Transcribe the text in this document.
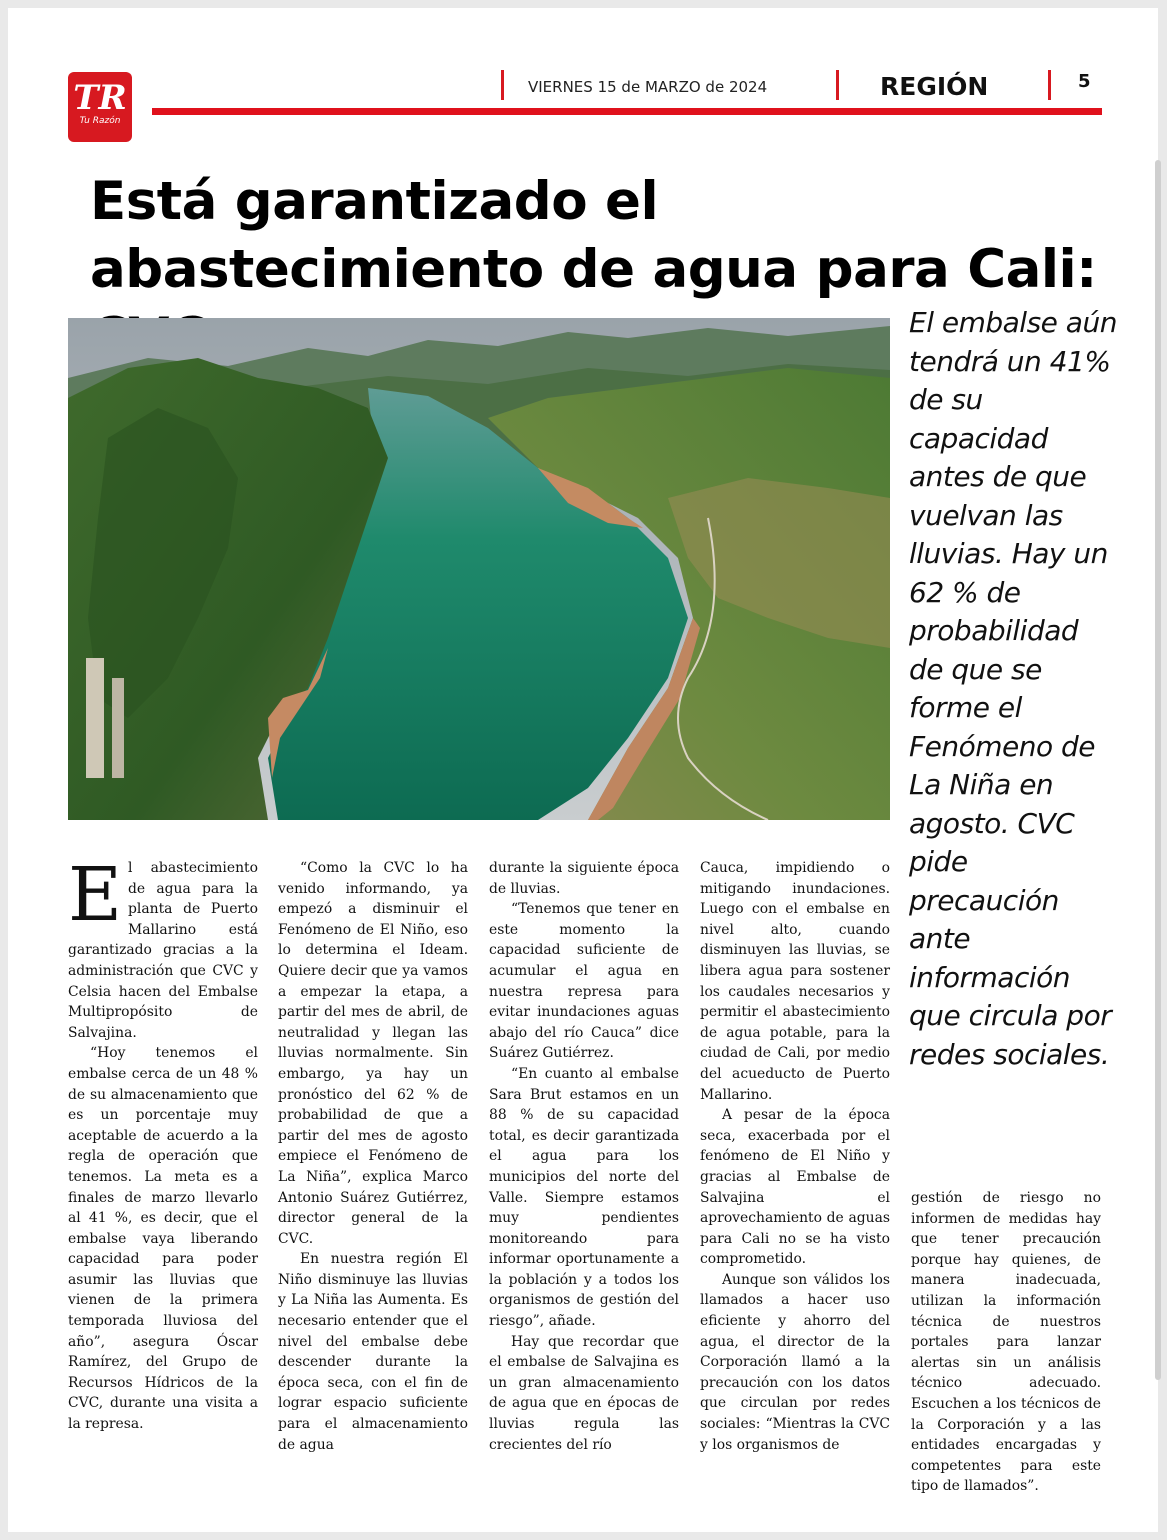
TR
Tu Razón
VIERNES 15 de MARZO de 2024	REGIÓN	5
Está garantizado el abastecimiento de agua para Cali:

El embalse aún tendrá un 41% de su capacidad antes de que vuelvan las lluvias. Hay un 62 % de probabilidad de que se forme el Fenómeno de La Niña en agosto. CVC pide precaución ante información que circula por redes sociales.

El abastecimiento de agua para la planta de Puerto Mallarino está garantizado gracias a la administración que CVC y Celsia hacen del Embalse Multipropósito de Salvajina.

“Hoy tenemos el embalse cerca de un 48 % de su almacenamiento que es un porcentaje muy aceptable de acuerdo a la regla de operación que tenemos. La meta es a finales de marzo llevarlo al 41 %, es decir, que el embalse vaya liberando capacidad para poder asumir las lluvias que vienen de la primera temporada lluviosa del año”, asegura Óscar Ramírez, del Grupo de Recursos Hídricos de la CVC, durante una visita a la represa.

“Como la CVC lo ha venido informando, ya empezó a disminuir el Fenómeno de El Niño, eso lo determina el Ideam. Quiere decir que ya vamos a empezar la etapa, a partir del mes de abril, de neutralidad y llegan las lluvias normalmente. Sin embargo, ya hay un pronóstico del 62 % de probabilidad de que a partir del mes de agosto empiece el Fenómeno de La Niña”, explica Marco Antonio Suárez Gutiérrez, director general de la CVC.

En nuestra región El Niño disminuye las lluvias y La Niña las Aumenta. Es necesario entender que el nivel del embalse debe descender durante la época seca, con el fin de lograr espacio suficiente para el almacenamiento de agua

durante la siguiente época de lluvias.

“Tenemos que tener en este momento la capacidad suficiente de acumular el agua en nuestra represa para evitar inundaciones aguas abajo del río Cauca” dice Suárez Gutiérrez.

“En cuanto al embalse Sara Brut estamos en un 88 % de su capacidad total, es decir garantizada el agua para los municipios del norte del Valle. Siempre estamos muy pendientes monitoreando para informar oportunamente a la población y a todos los organismos de gestión del riesgo”, añade.

Hay que recordar que el embalse de Salvajina es un gran almacenamiento de agua que en épocas de lluvias regula las crecientes del río

Cauca, impidiendo o mitigando inundaciones. Luego con el embalse en nivel alto, cuando disminuyen las lluvias, se libera agua para sostener los caudales necesarios y permitir el abastecimiento de agua potable, para la ciudad de Cali, por medio del acueducto de Puerto Mallarino.

A pesar de la época seca, exacerbada por el fenómeno de El Niño y gracias al Embalse de Salvajina el aprovechamiento de aguas para Cali no se ha visto comprometido.

Aunque son válidos los llamados a hacer uso eficiente y ahorro del agua, el director de la Corporación llamó a la precaución con los datos que circulan por redes sociales: “Mientras la CVC y los organismos de

gestión de riesgo no informen de medidas hay que tener precaución porque hay quienes, de manera inadecuada, utilizan la información técnica de nuestros portales para lanzar alertas sin un análisis técnico adecuado. Escuchen a los técnicos de la Corporación y a las entidades encargadas y competentes para este tipo de llamados”.
